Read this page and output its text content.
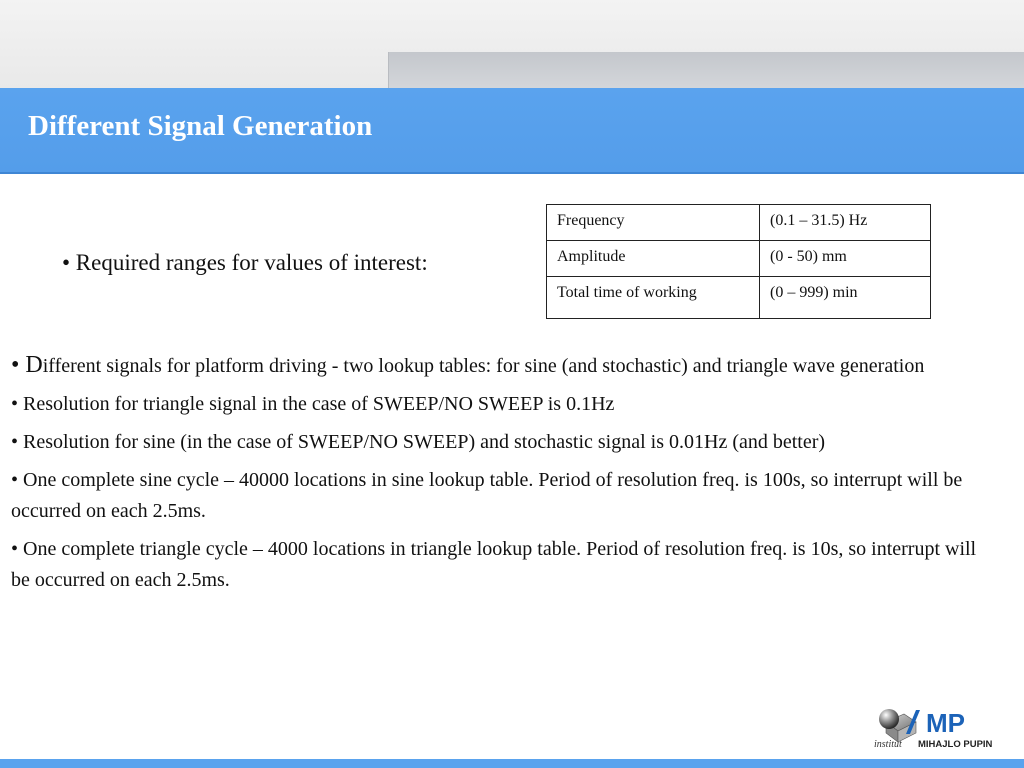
Different Signal Generation
• Required ranges for values of interest:
Frequency	(0.1 – 31.5) Hz
Amplitude	(0 - 50) mm
Total time of working	(0 – 999) min
• Different signals for platform driving - two lookup tables: for sine (and stochastic) and triangle wave generation
• Resolution for triangle signal in the case of SWEEP/NO SWEEP is 0.1Hz
• Resolution for sine (in the case of SWEEP/NO SWEEP) and stochastic signal is 0.01Hz (and better)
• One complete sine cycle – 40000 locations in sine lookup table. Period of resolution freq. is 100s, so interrupt will be occurred on each 2.5ms.
• One complete triangle cycle – 4000 locations in triangle lookup table. Period of resolution freq. is 10s, so interrupt will be occurred on each 2.5ms.
MP
institut MIHAJLO PUPIN
